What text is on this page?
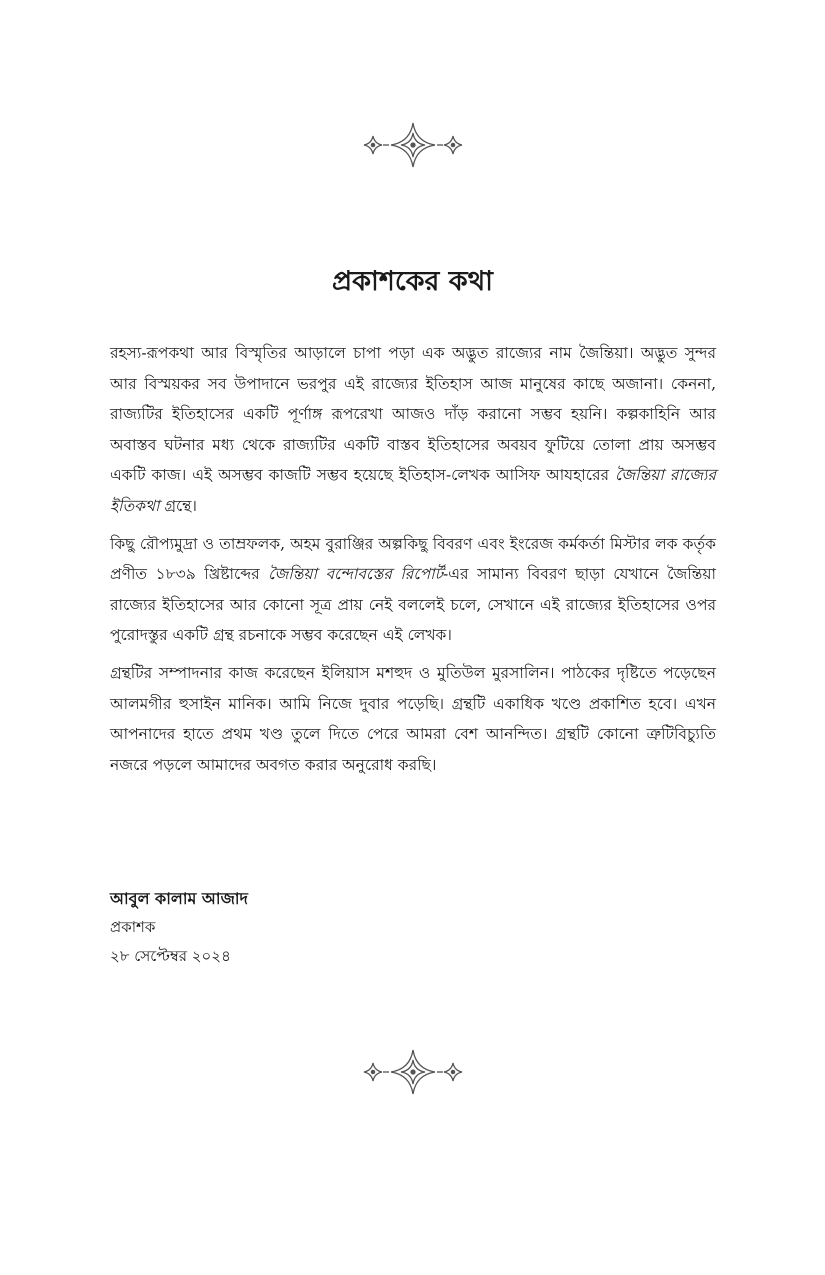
প্রকাশকের কথা

রহস্য-রূপকথা আর বিস্মৃতির আড়ালে চাপা পড়া এক অদ্ভুত রাজ্যের নাম জৈন্তিয়া। অদ্ভুত সুন্দর আর বিস্ময়কর সব উপাদানে ভরপুর এই রাজ্যের ইতিহাস আজ মানুষের কাছে অজানা। কেননা, রাজ্যটির ইতিহাসের একটি পূর্ণাঙ্গ রূপরেখা আজও দাঁড় করানো সম্ভব হয়নি। কল্পকাহিনি আর অবাস্তব ঘটনার মধ্য থেকে রাজ্যটির একটি বাস্তব ইতিহাসের অবয়ব ফুটিয়ে তোলা প্রায় অসম্ভব একটি কাজ। এই অসম্ভব কাজটি সম্ভব হয়েছে ইতিহাস-লেখক আসিফ আযহারের জৈন্তিয়া রাজ্যের ইতিকথা গ্রন্থে।

কিছু রৌপ্যমুদ্রা ও তাম্রফলক, অহম বুরাঞ্জির অল্পকিছু বিবরণ এবং ইংরেজ কর্মকর্তা মিস্টার লক কর্তৃক প্রণীত ১৮৩৯ খ্রিষ্টাব্দের জৈন্তিয়া বন্দোবস্তের রিপোর্ট-এর সামান্য বিবরণ ছাড়া যেখানে জৈন্তিয়া রাজ্যের ইতিহাসের আর কোনো সূত্র প্রায় নেই বললেই চলে, সেখানে এই রাজ্যের ইতিহাসের ওপর পুরোদস্তুর একটি গ্রন্থ রচনাকে সম্ভব করেছেন এই লেখক।

গ্রন্থটির সম্পাদনার কাজ করেছেন ইলিয়াস মশহুদ ও মুতিউল মুরসালিন। পাঠকের দৃষ্টিতে পড়েছেন আলমগীর হুসাইন মানিক। আমি নিজে দুবার পড়েছি। গ্রন্থটি একাধিক খণ্ডে প্রকাশিত হবে। এখন আপনাদের হাতে প্রথম খণ্ড তুলে দিতে পেরে আমরা বেশ আনন্দিত। গ্রন্থটি কোনো ত্রুটিবিচ্যুতি নজরে পড়লে আমাদের অবগত করার অনুরোধ করছি।

আবুল কালাম আজাদ

প্রকাশক

২৮ সেপ্টেম্বর ২০২৪
